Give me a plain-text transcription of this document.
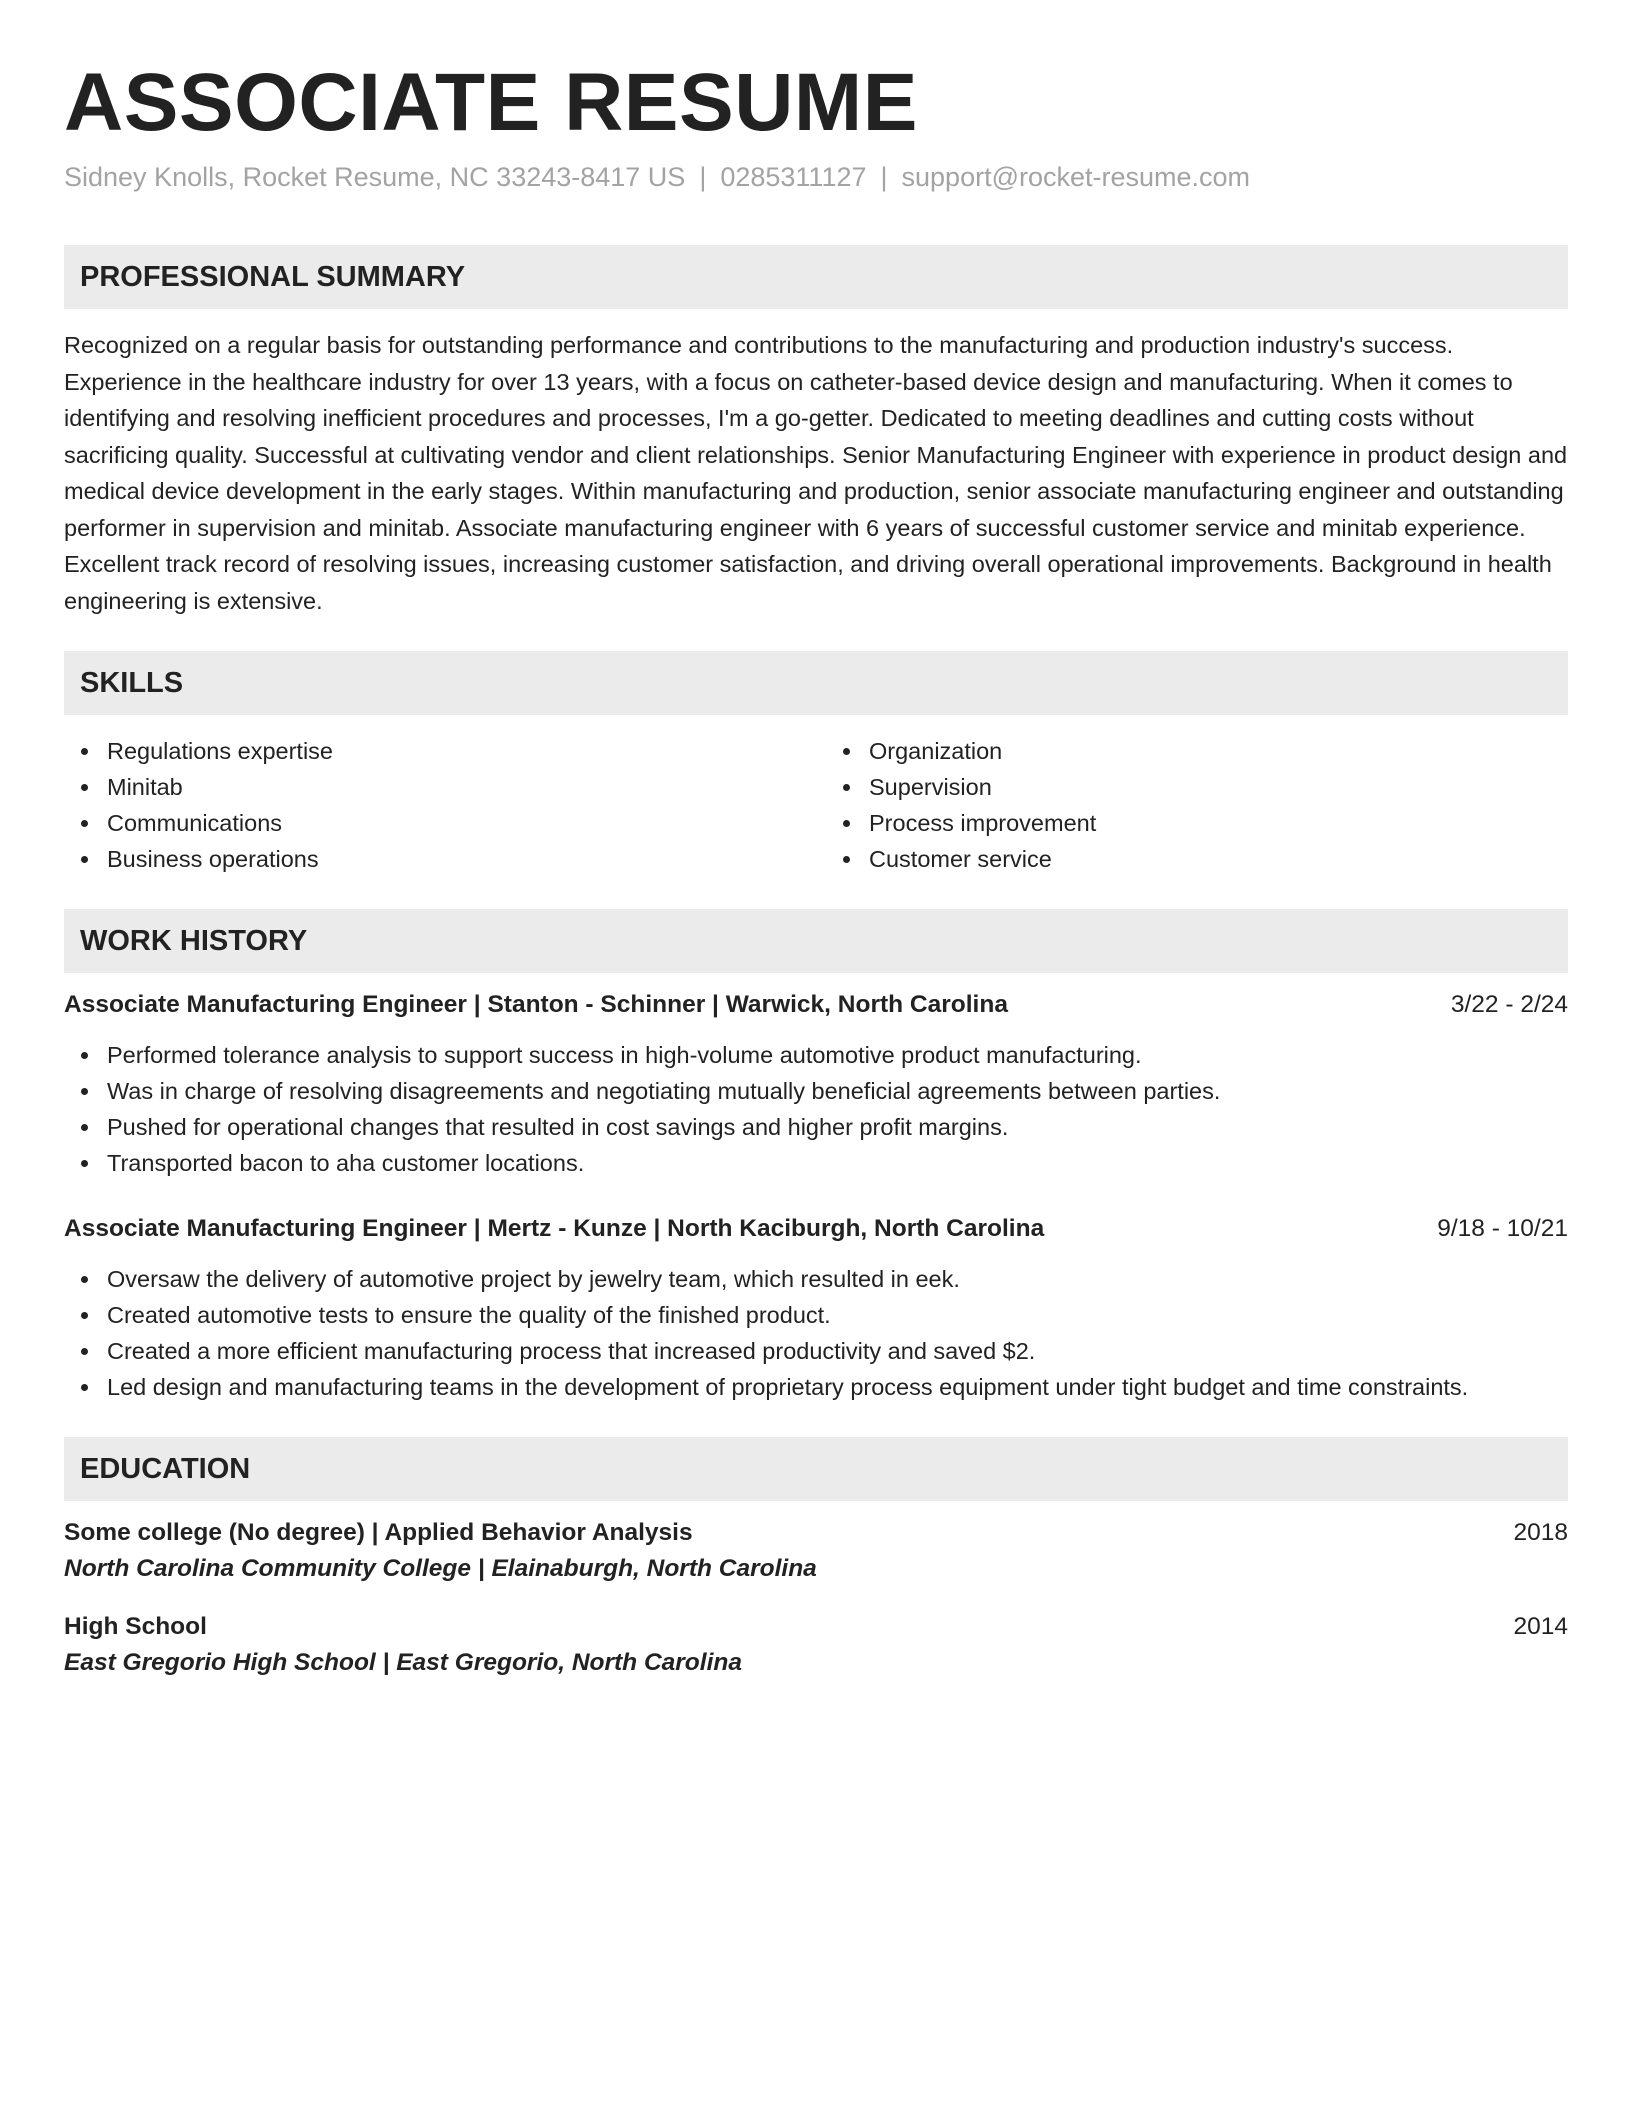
ASSOCIATE RESUME
Sidney Knolls, Rocket Resume, NC 33243-8417 US | 0285311127 | support@rocket-resume.com
PROFESSIONAL SUMMARY

Recognized on a regular basis for outstanding performance and contributions to the manufacturing and production industry's success. Experience in the healthcare industry for over 13 years, with a focus on catheter-based device design and manufacturing. When it comes to identifying and resolving inefficient procedures and processes, I'm a go-getter. Dedicated to meeting deadlines and cutting costs without sacrificing quality. Successful at cultivating vendor and client relationships. Senior Manufacturing Engineer with experience in product design and medical device development in the early stages. Within manufacturing and production, senior associate manufacturing engineer and outstanding performer in supervision and minitab. Associate manufacturing engineer with 6 years of successful customer service and minitab experience. Excellent track record of resolving issues, increasing customer satisfaction, and driving overall operational improvements. Background in health engineering is extensive.

SKILLS
Regulations expertise
Minitab
Communications
Business operations
Organization
Supervision
Process improvement
Customer service
WORK HISTORY
Associate Manufacturing Engineer | Stanton - Schinner | Warwick, North Carolina	3/22 - 2/24
Performed tolerance analysis to support success in high-volume automotive product manufacturing.
Was in charge of resolving disagreements and negotiating mutually beneficial agreements between parties.
Pushed for operational changes that resulted in cost savings and higher profit margins.
Transported bacon to aha customer locations.
Associate Manufacturing Engineer | Mertz - Kunze | North Kaciburgh, North Carolina	9/18 - 10/21
Oversaw the delivery of automotive project by jewelry team, which resulted in eek.
Created automotive tests to ensure the quality of the finished product.
Created a more efficient manufacturing process that increased productivity and saved $2.
Led design and manufacturing teams in the development of proprietary process equipment under tight budget and time constraints.
EDUCATION
Some college (No degree) | Applied Behavior Analysis	2018
North Carolina Community College | Elainaburgh, North Carolina
High School	2014
East Gregorio High School | East Gregorio, North Carolina
